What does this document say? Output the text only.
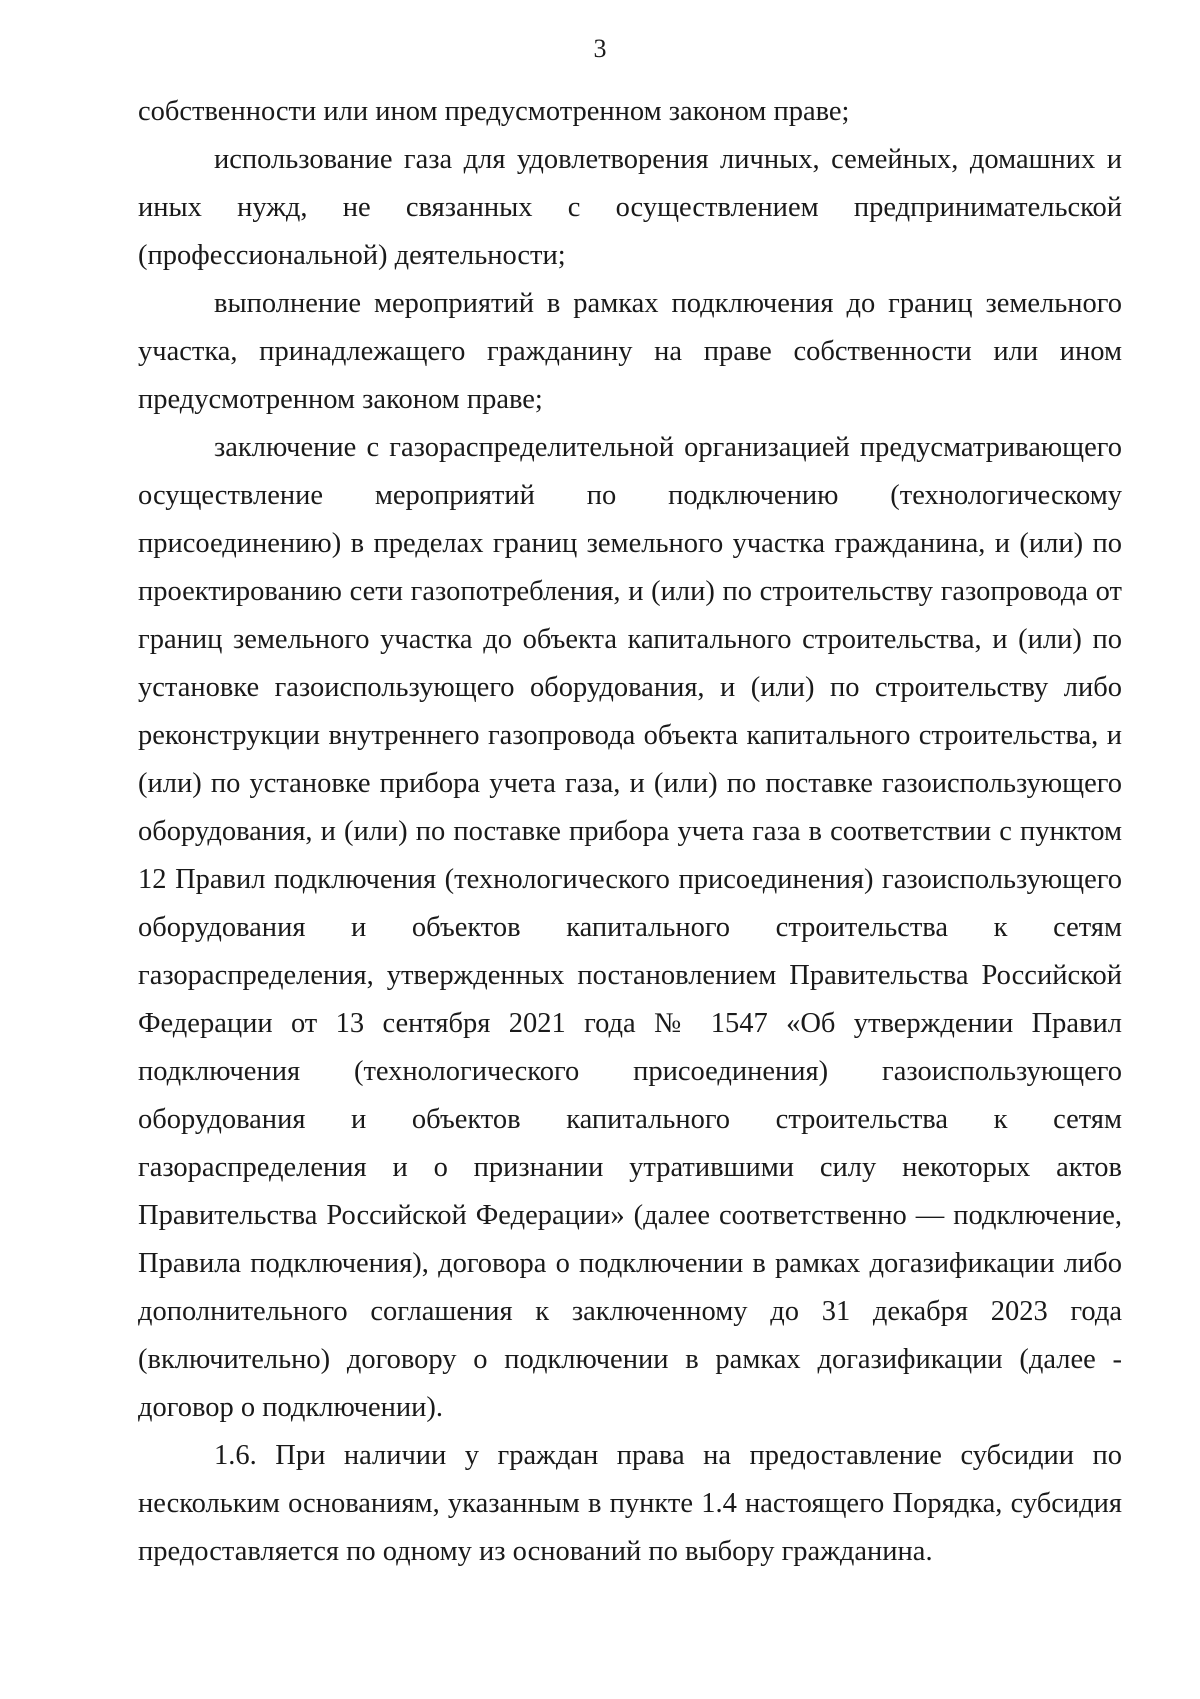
3

собственности или ином предусмотренном законом праве;

использование газа для удовлетворения личных, семейных, домашних и иных нужд, не связанных с осуществлением предпринимательской (профессиональной) деятельности;

выполнение мероприятий в рамках подключения до границ земельного участка, принадлежащего гражданину на праве собственности или ином предусмотренном законом праве;

заключение с газораспределительной организацией предусматривающего осуществление мероприятий по подключению (технологическому присоединению) в пределах границ земельного участка гражданина, и (или) по проектированию сети газопотребления, и (или) по строительству газопровода от границ земельного участка до объекта капитального строительства, и (или) по установке газоиспользующего оборудования, и (или) по строительству либо реконструкции внутреннего газопровода объекта капитального строительства, и (или) по установке прибора учета газа, и (или) по поставке газоиспользующего оборудования, и (или) по поставке прибора учета газа в соответствии с пунктом 12 Правил подключения (технологического присоединения) газоиспользующего оборудования и объектов капитального строительства к сетям газораспределения, утвержденных постановлением Правительства Российской Федерации от 13 сентября 2021 года № 1547 «Об утверждении Правил подключения (технологического присоединения) газоиспользующего оборудования и объектов капитального строительства к сетям газораспределения и о признании утратившими силу некоторых актов Правительства Российской Федерации» (далее соответственно — подключение, Правила подключения), договора о подключении в рамках догазификации либо дополнительного соглашения к заключенному до 31 декабря 2023 года (включительно) договору о подключении в рамках догазификации (далее - договор о подключении).

1.6. При наличии у граждан права на предоставление субсидии по нескольким основаниям, указанным в пункте 1.4 настоящего Порядка, субсидия предоставляется по одному из оснований по выбору гражданина.
